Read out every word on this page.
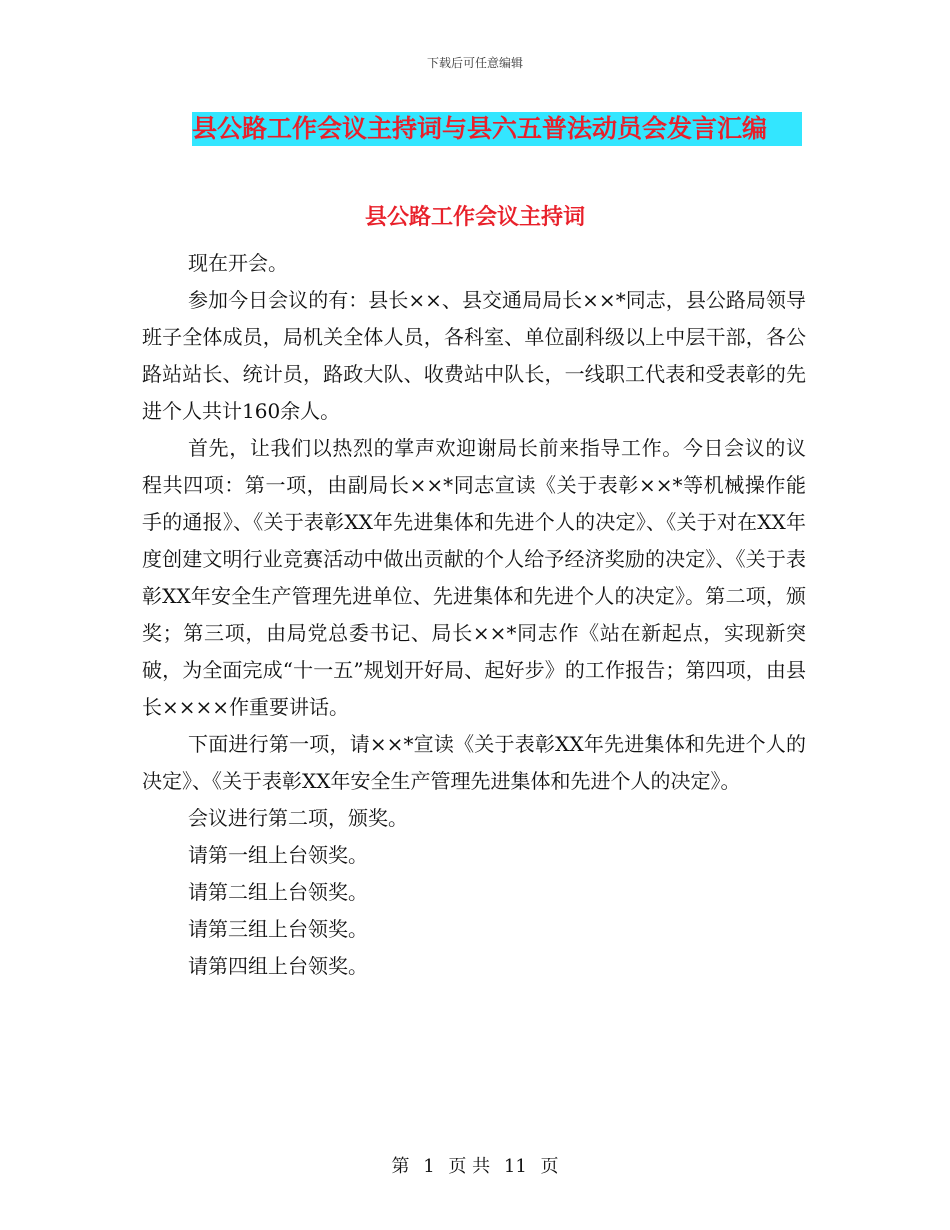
下载后可任意编辑
县公路工作会议主持词与县六五普法动员会发言汇编
县公路工作会议主持词

现在开会。

参加今日会议的有：县长××、县交通局局长××*同志，县公路局领导班子全体成员，局机关全体人员，各科室、单位副科级以上中层干部，各公路站站长、统计员，路政大队、收费站中队长，一线职工代表和受表彰的先进个人共计160余人。

首先，让我们以热烈的掌声欢迎谢局长前来指导工作。今日会议的议程共四项：第一项，由副局长××*同志宣读《关于表彰××*等机械操作能手的通报》、《关于表彰XX年先进集体和先进个人的决定》、《关于对在XX年度创建文明行业竞赛活动中做出贡献的个人给予经济奖励的决定》、《关于表彰XX年安全生产管理先进单位、先进集体和先进个人的决定》。第二项，颁奖；第三项，由局党总委书记、局长××*同志作《站在新起点，实现新突破，为全面完成“十一五”规划开好局、起好步》的工作报告；第四项，由县长××××作重要讲话。

下面进行第一项，请××*宣读《关于表彰XX年先进集体和先进个人的决定》、《关于表彰XX年安全生产管理先进集体和先进个人的决定》。

会议进行第二项，颁奖。

请第一组上台领奖。

请第二组上台领奖。

请第三组上台领奖。

请第四组上台领奖。

第 1 页 共 11 页
